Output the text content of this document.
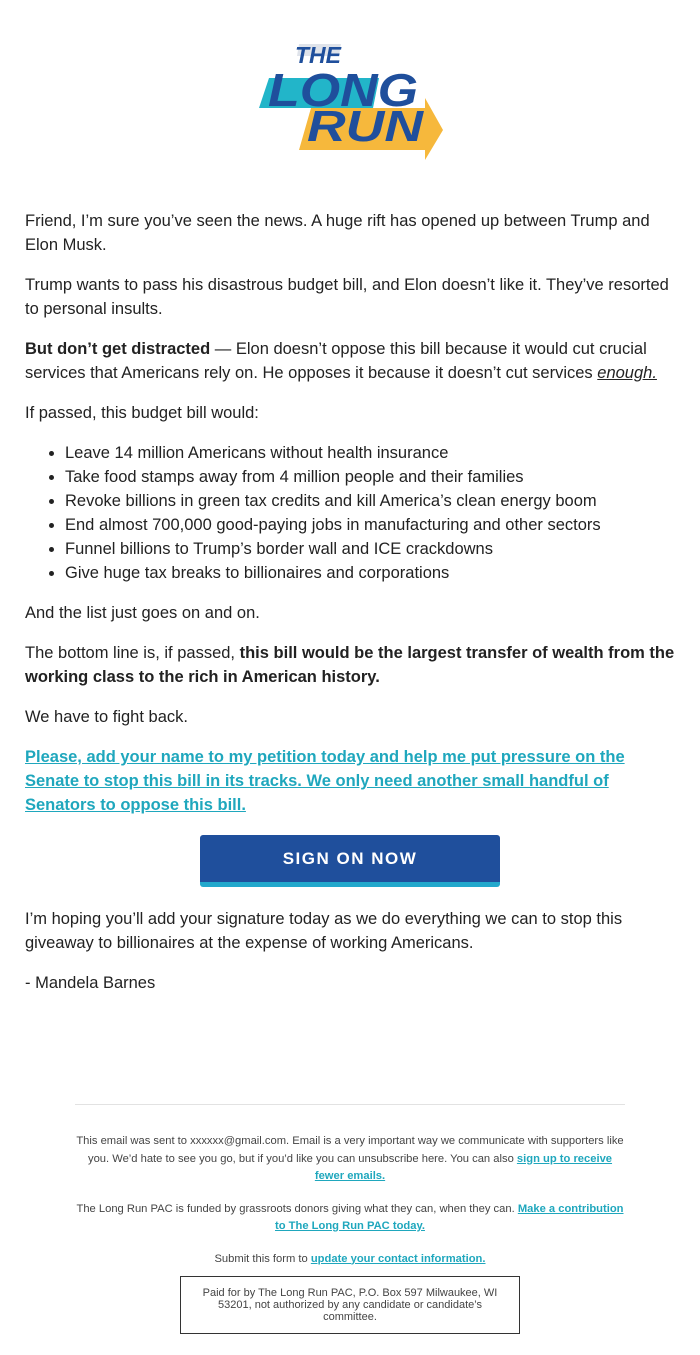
THE
LONG
RUN

Friend, I’m sure you’ve seen the news. A huge rift has opened up between Trump and Elon Musk.

Trump wants to pass his disastrous budget bill, and Elon doesn’t like it. They’ve resorted to personal insults.

But don’t get distracted — Elon doesn’t oppose this bill because it would cut crucial services that Americans rely on. He opposes it because it doesn’t cut services enough.

If passed, this budget bill would:

• Leave 14 million Americans without health insurance
• Take food stamps away from 4 million people and their families
• Revoke billions in green tax credits and kill America’s clean energy boom
• End almost 700,000 good-paying jobs in manufacturing and other sectors
• Funnel billions to Trump’s border wall and ICE crackdowns
• Give huge tax breaks to billionaires and corporations

And the list just goes on and on.

The bottom line is, if passed, this bill would be the largest transfer of wealth from the working class to the rich in American history.

We have to fight back.

Please, add your name to my petition today and help me put pressure on the Senate to stop this bill in its tracks. We only need another small handful of Senators to oppose this bill.
SIGN ON NOW

I’m hoping you’ll add your signature today as we do everything we can to stop this giveaway to billionaires at the expense of working Americans.

- Mandela Barnes

This email was sent to xxxxxx@gmail.com. Email is a very important way we communicate with supporters like you. We’d hate to see you go, but if you’d like you can unsubscribe here. You can also sign up to receive fewer emails.

The Long Run PAC is funded by grassroots donors giving what they can, when they can. Make a contribution to The Long Run PAC today.

Submit this form to update your contact information.

Paid for by The Long Run PAC, P.O. Box 597 Milwaukee, WI 53201, not authorized by any candidate or candidate’s committee.
